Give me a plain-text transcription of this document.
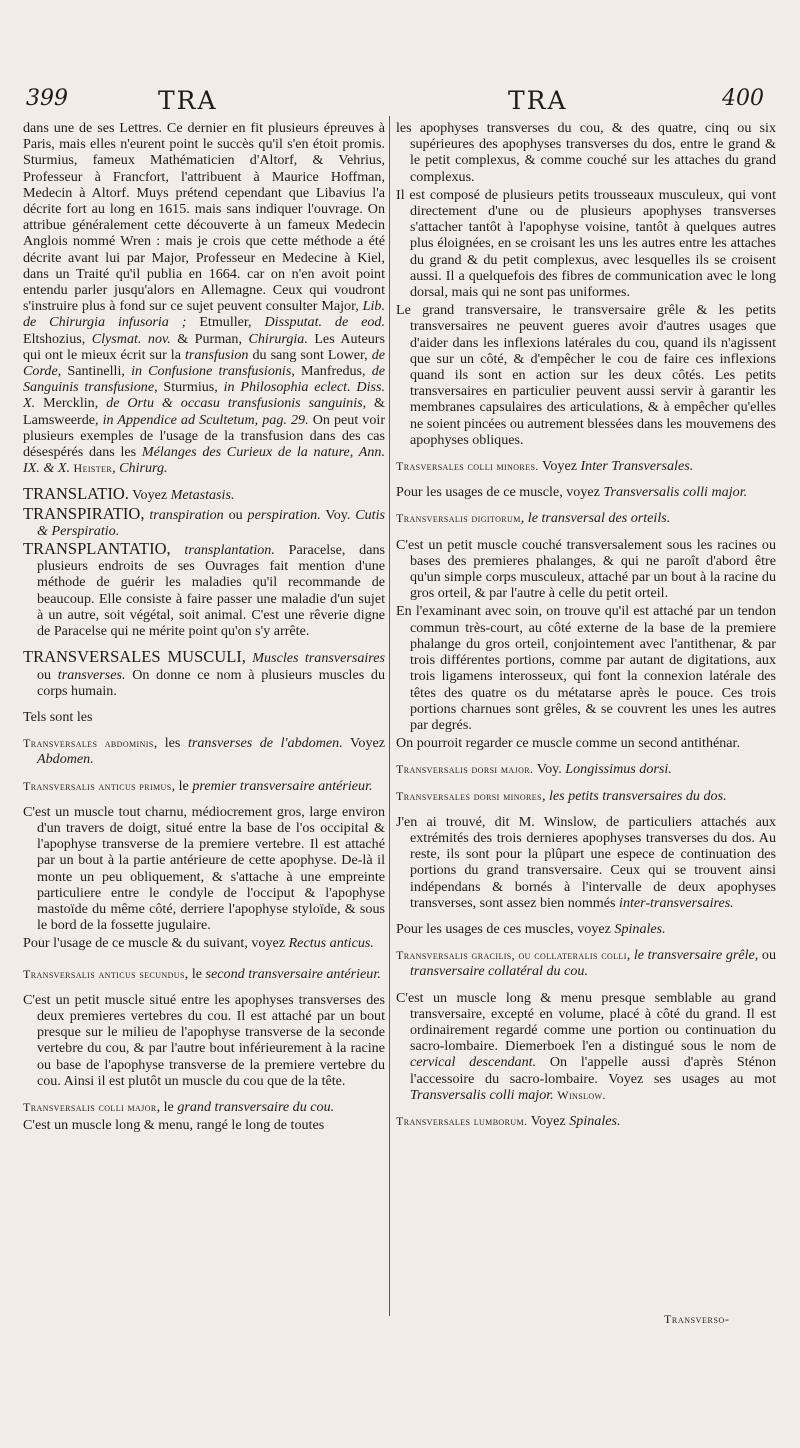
399	TRA	TRA	400

dans une de ses Lettres. Ce dernier en fit plusieurs épreuves à Paris, mais elles n'eurent point le succès qu'il s'en étoit promis. Sturmius, fameux Mathématicien d'Altorf, & Vehrius, Professeur à Francfort, l'attribuent à Maurice Hoffman, Medecin à Altorf. Muys prétend cependant que Libavius l'a décrite fort au long en 1615. mais sans indiquer l'ouvrage. On attribue généralement cette découverte à un fameux Medecin Anglois nommé Wren : mais je crois que cette méthode a été décrite avant lui par Major, Professeur en Medecine à Kiel, dans un Traité qu'il publia en 1664. car on n'en avoit point entendu parler jusqu'alors en Allemagne. Ceux qui voudront s'instruire plus à fond sur ce sujet peuvent consulter Major, Lib. de Chirurgia infusoria ; Etmuller, Dissputat. de eod. Eltshozius, Clysmat. nov. & Purman, Chirurgia. Les Auteurs qui ont le mieux écrit sur la transfusion du sang sont Lower, de Corde, Santinelli, in Confusione transfusionis, Manfredus, de Sanguinis transfusione, Sturmius, in Philosophia eclect. Diss. X. Mercklin, de Ortu & occasu transfusionis sanguinis, & Lamsweerde, in Appendice ad Scultetum, pag. 29. On peut voir plusieurs exemples de l'usage de la transfusion dans des cas désespérés dans les Mélanges des Curieux de la nature, Ann. IX. & X. Heister, Chirurg.

TRANSLATIO. Voyez Metastasis.

TRANSPIRATIO, transpiration ou perspiration. Voy. Cutis & Perspiratio.

TRANSPLANTATIO, transplantation. Paracelse, dans plusieurs endroits de ses Ouvrages fait mention d'une méthode de guérir les maladies qu'il recommande de beaucoup. Elle consiste à faire passer une maladie d'un sujet à un autre, soit végétal, soit animal. C'est une rêverie digne de Paracelse qui ne mérite point qu'on s'y arrête.

TRANSVERSALES MUSCULI, Muscles transversaires ou transverses. On donne ce nom à plusieurs muscles du corps humain.

Tels sont les

Transversales abdominis, les transverses de l'abdomen. Voyez Abdomen.

Transversalis anticus primus, le premier transversaire antérieur.

C'est un muscle tout charnu, médiocrement gros, large environ d'un travers de doigt, situé entre la base de l'os occipital & l'apophyse transverse de la premiere vertebre. Il est attaché par un bout à la partie antérieure de cette apophyse. De-là il monte un peu obliquement, & s'attache à une empreinte particuliere entre le condyle de l'occiput & l'apophyse mastoïde du même côté, derriere l'apophyse styloïde, & sous le bord de la fossette jugulaire.

Pour l'usage de ce muscle & du suivant, voyez Rectus anticus.

Transversalis anticus secundus, le second transversaire antérieur.

C'est un petit muscle situé entre les apophyses transverses des deux premieres vertebres du cou. Il est attaché par un bout presque sur le milieu de l'apophyse transverse de la seconde vertebre du cou, & par l'autre bout inférieurement à la racine ou base de l'apophyse transverse de la premiere vertebre du cou. Ainsi il est plutôt un muscle du cou que de la tête.

Transversalis colli major, le grand transversaire du cou.

C'est un muscle long & menu, rangé le long de toutes

les apophyses transverses du cou, & des quatre, cinq ou six supérieures des apophyses transverses du dos, entre le grand & le petit complexus, & comme couché sur les attaches du grand complexus.

Il est composé de plusieurs petits trousseaux musculeux, qui vont directement d'une ou de plusieurs apophyses transverses s'attacher tantôt à l'apophyse voisine, tantôt à quelques autres plus éloignées, en se croisant les uns les autres entre les attaches du grand & du petit complexus, avec lesquelles ils se croisent aussi. Il a quelquefois des fibres de communication avec le long dorsal, mais qui ne sont pas uniformes.

Le grand transversaire, le transversaire grêle & les petits transversaires ne peuvent gueres avoir d'autres usages que d'aider dans les inflexions latérales du cou, quand ils n'agissent que sur un côté, & d'empêcher le cou de faire ces inflexions quand ils sont en action sur les deux côtés. Les petits transversaires en particulier peuvent aussi servir à garantir les membranes capsulaires des articulations, & à empêcher qu'elles ne soient pincées ou autrement blessées dans les mouvemens des apophyses obliques.

Trasversales colli minores. Voyez Inter Transversales.

Pour les usages de ce muscle, voyez Transversalis colli major.

Transversalis digitorum, le transversal des orteils.

C'est un petit muscle couché transversalement sous les racines ou bases des premieres phalanges, & qui ne paroît d'abord être qu'un simple corps musculeux, attaché par un bout à la racine du gros orteil, & par l'autre à celle du petit orteil.

En l'examinant avec soin, on trouve qu'il est attaché par un tendon commun très-court, au côté externe de la base de la premiere phalange du gros orteil, conjointement avec l'antithenar, & par trois différentes portions, comme par autant de digitations, aux trois ligamens interosseux, qui font la connexion latérale des têtes des quatre os du métatarse après le pouce. Ces trois portions charnues sont grêles, & se couvrent les unes les autres par degrés.

On pourroit regarder ce muscle comme un second antithénar.

Transversalis dorsi major. Voy. Longissimus dorsi.

Transversales dorsi minores, les petits transversaires du dos.

J'en ai trouvé, dit M. Winslow, de particuliers attachés aux extrémités des trois dernieres apophyses transverses du dos. Au reste, ils sont pour la plûpart une espece de continuation des portions du grand transversaire. Ceux qui se trouvent ainsi indépendans & bornés à l'intervalle de deux apophyses transverses, sont assez bien nommés inter-transversaires.

Pour les usages de ces muscles, voyez Spinales.

Transversalis gracilis, ou collateralis colli, le transversaire grêle, ou transversaire collatéral du cou.

C'est un muscle long & menu presque semblable au grand transversaire, excepté en volume, placé à côté du grand. Il est ordinairement regardé comme une portion ou continuation du sacro-lombaire. Diemerboek l'en a distingué sous le nom de cervical descendant. On l'appelle aussi d'après Sténon l'accessoire du sacro-lombaire. Voyez ses usages au mot Transversalis colli major. Winslow.

Transversales lumborum. Voyez Spinales.

Transverso-
